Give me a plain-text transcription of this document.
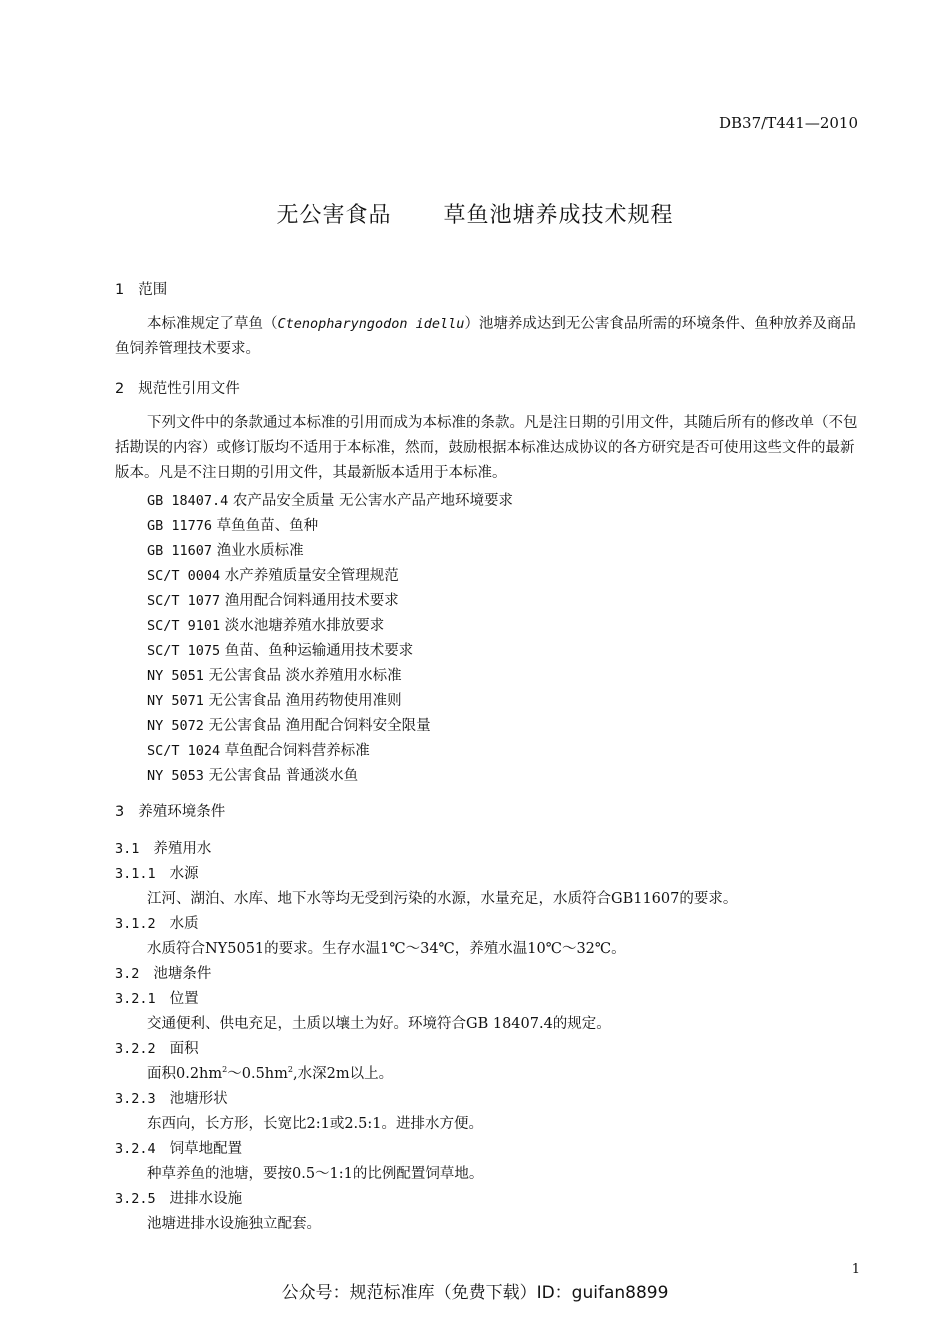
DB37/T441—2010
无公害食品 草鱼池塘养成技术规程
1 范围
本标准规定了草鱼（Ctenopharyngodon idellu）池塘养成达到无公害食品所需的环境条件、鱼种放养及商品鱼饲养管理技术要求。
2 规范性引用文件
下列文件中的条款通过本标准的引用而成为本标准的条款。凡是注日期的引用文件，其随后所有的修改单（不包括勘误的内容）或修订版均不适用于本标准，然而，鼓励根据本标准达成协议的各方研究是否可使用这些文件的最新版本。凡是不注日期的引用文件，其最新版本适用于本标准。
GB 18407.4 农产品安全质量 无公害水产品产地环境要求
GB 11776 草鱼鱼苗、鱼种
GB 11607 渔业水质标准
SC/T 0004 水产养殖质量安全管理规范
SC/T 1077 渔用配合饲料通用技术要求
SC/T 9101 淡水池塘养殖水排放要求
SC/T 1075 鱼苗、鱼种运输通用技术要求
NY 5051 无公害食品 淡水养殖用水标准
NY 5071 无公害食品 渔用药物使用准则
NY 5072 无公害食品 渔用配合饲料安全限量
SC/T 1024 草鱼配合饲料营养标准
NY 5053 无公害食品 普通淡水鱼
3 养殖环境条件
3.1 养殖用水
3.1.1 水源
江河、湖泊、水库、地下水等均无受到污染的水源，水量充足，水质符合GB11607的要求。
3.1.2 水质
水质符合NY5051的要求。生存水温1℃～34℃，养殖水温10℃～32℃。
3.2 池塘条件
3.2.1 位置
交通便利、供电充足，土质以壤土为好。环境符合GB 18407.4的规定。
3.2.2 面积
面积$0.2hm^2\sim 0.5hm^2$,水深2m以上。
3.2.3 池塘形状
东西向，长方形，长宽比2:1或2.5:1。进排水方便。
3.2.4 饲草地配置
种草养鱼的池塘，要按0.5～1:1的比例配置饲草地。
3.2.5 进排水设施
池塘进排水设施独立配套。
1
公众号：规范标准库（免费下载）ID：guifan8899
